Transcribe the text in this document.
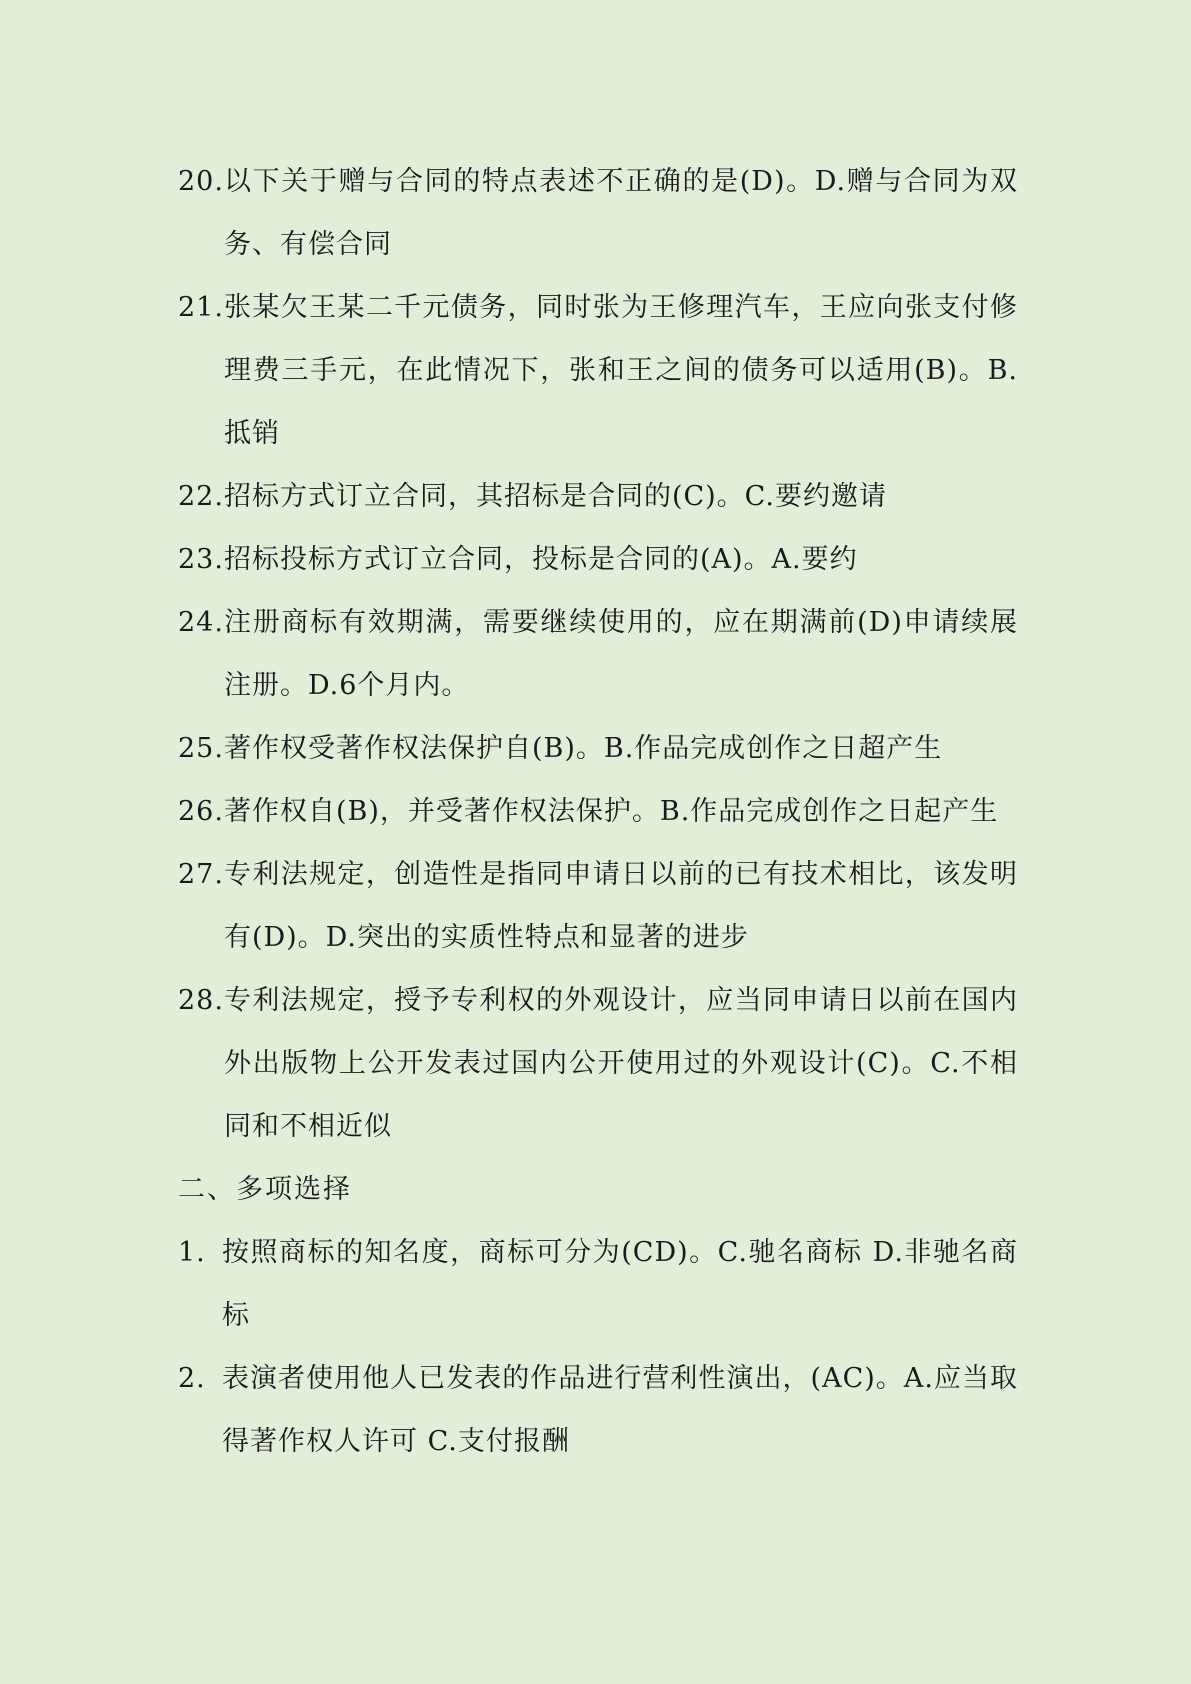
20. 以下关于赠与合同的特点表述不正确的是(D)。D.赠与合同为双务、有偿合同
21. 张某欠王某二千元债务，同时张为王修理汽车，王应向张支付修理费三手元，在此情况下，张和王之间的债务可以适用(B)。B.抵销
22. 招标方式订立合同，其招标是合同的(C)。C.要约邀请
23. 招标投标方式订立合同，投标是合同的(A)。A.要约
24. 注册商标有效期满，需要继续使用的，应在期满前(D)申请续展注册。D.6个月内。
25. 著作权受著作权法保护自(B)。B.作品完成创作之日超产生
26. 著作权自(B)，并受著作权法保护。B.作品完成创作之日起产生
27. 专利法规定，创造性是指同申请日以前的已有技术相比，该发明有(D)。D.突出的实质性特点和显著的进步
28. 专利法规定，授予专利权的外观设计，应当同申请日以前在国内外出版物上公开发表过国内公开使用过的外观设计(C)。C.不相同和不相近似
二、多项选择
1. 按照商标的知名度，商标可分为(CD)。C.驰名商标 D.非驰名商标
2. 表演者使用他人已发表的作品进行营利性演出，(AC)。A.应当取得著作权人许可 C.支付报酬
